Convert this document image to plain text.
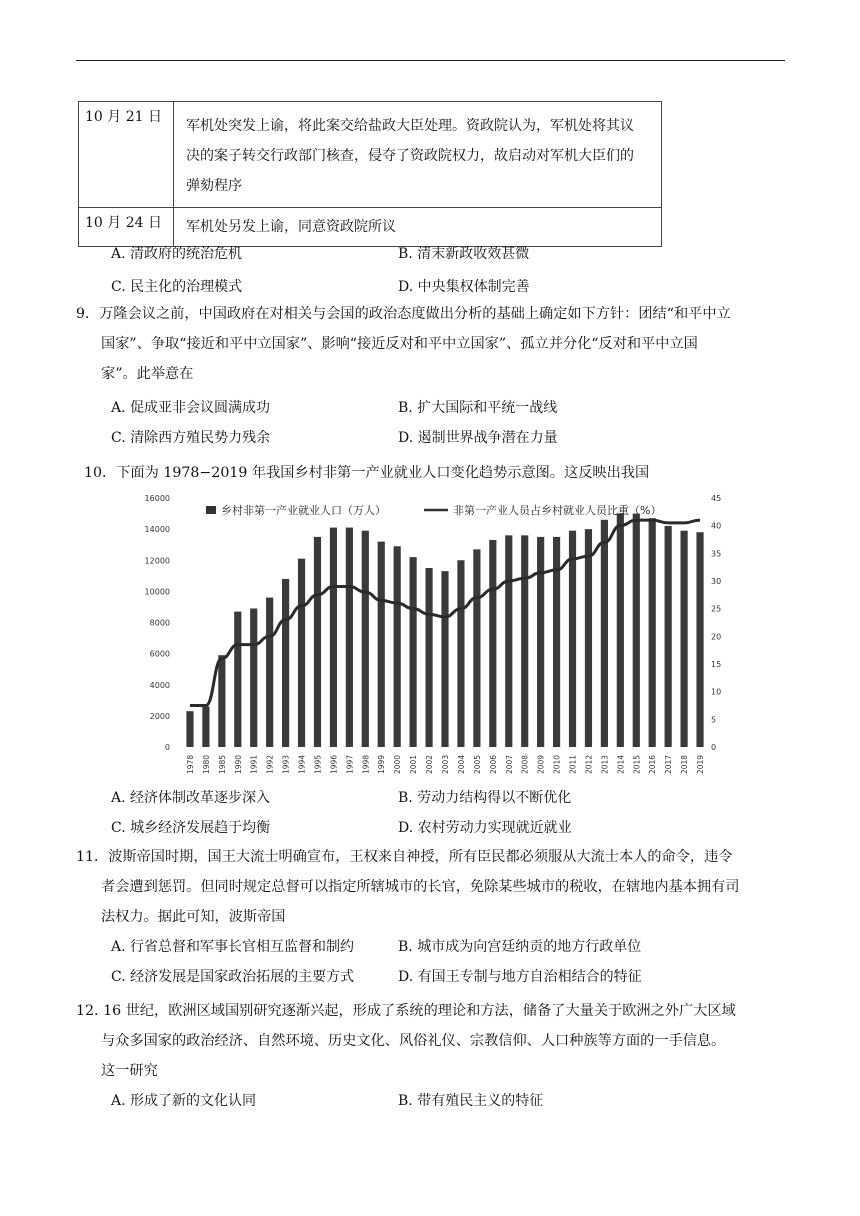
10 月 21 日	军机处突发上谕，将此案交给盐政大臣处理。资政院认为，军机处将其议
决的案子转交行政部门核查，侵夺了资政院权力，故启动对军机大臣们的
弹劾程序

10 月 24 日	军机处另发上谕，同意资政院所议
A. 清政府的统治危机	B. 清末新政收效甚微
C. 民主化的治理模式	D. 中央集权体制完善
9．万隆会议之前，中国政府在对相关与会国的政治态度做出分析的基础上确定如下方针：团结“和平中立
国家”、争取“接近和平中立国家”、影响“接近反对和平中立国家”、孤立并分化“反对和平中立国
家”。此举意在
A. 促成亚非会议圆满成功	B. 扩大国际和平统一战线
C. 清除西方殖民势力残余	D. 遏制世界战争潜在力量
10．下面为 1978−2019 年我国乡村非第一产业就业人口变化趋势示意图。这反映出我国
0
2000
4000
6000
8000
10000
12000
14000
16000
0
5
10
15
20
25
30
35
40
45
1978 1980 1985 1990 1991 1992 1993 1994 1995 1996 1997 1998 1999 2000 2001 2002 2003 2004 2005 2006 2007 2008 2009 2010 2011 2012 2013 2014 2015 2016 2017 2018 2019
乡村非第一产业就业人口（万人）	非第一产业人员占乡村就业人员比重（%）
A. 经济体制改革逐步深入	B. 劳动力结构得以不断优化
C. 城乡经济发展趋于均衡	D. 农村劳动力实现就近就业
11．波斯帝国时期，国王大流士明确宣布，王权来自神授，所有臣民都必须服从大流士本人的命令，违令
者会遭到惩罚。但同时规定总督可以指定所辖城市的长官，免除某些城市的税收，在辖地内基本拥有司
法权力。据此可知，波斯帝国
A. 行省总督和军事长官相互监督和制约	B. 城市成为向宫廷纳贡的地方行政单位
C. 经济发展是国家政治拓展的主要方式	D. 有国王专制与地方自治相结合的特征
12. 16 世纪，欧洲区域国别研究逐渐兴起，形成了系统的理论和方法，储备了大量关于欧洲之外广大区域
与众多国家的政治经济、自然环境、历史文化、风俗礼仪、宗教信仰、人口种族等方面的一手信息。
这一研究
A. 形成了新的文化认同	B. 带有殖民主义的特征
